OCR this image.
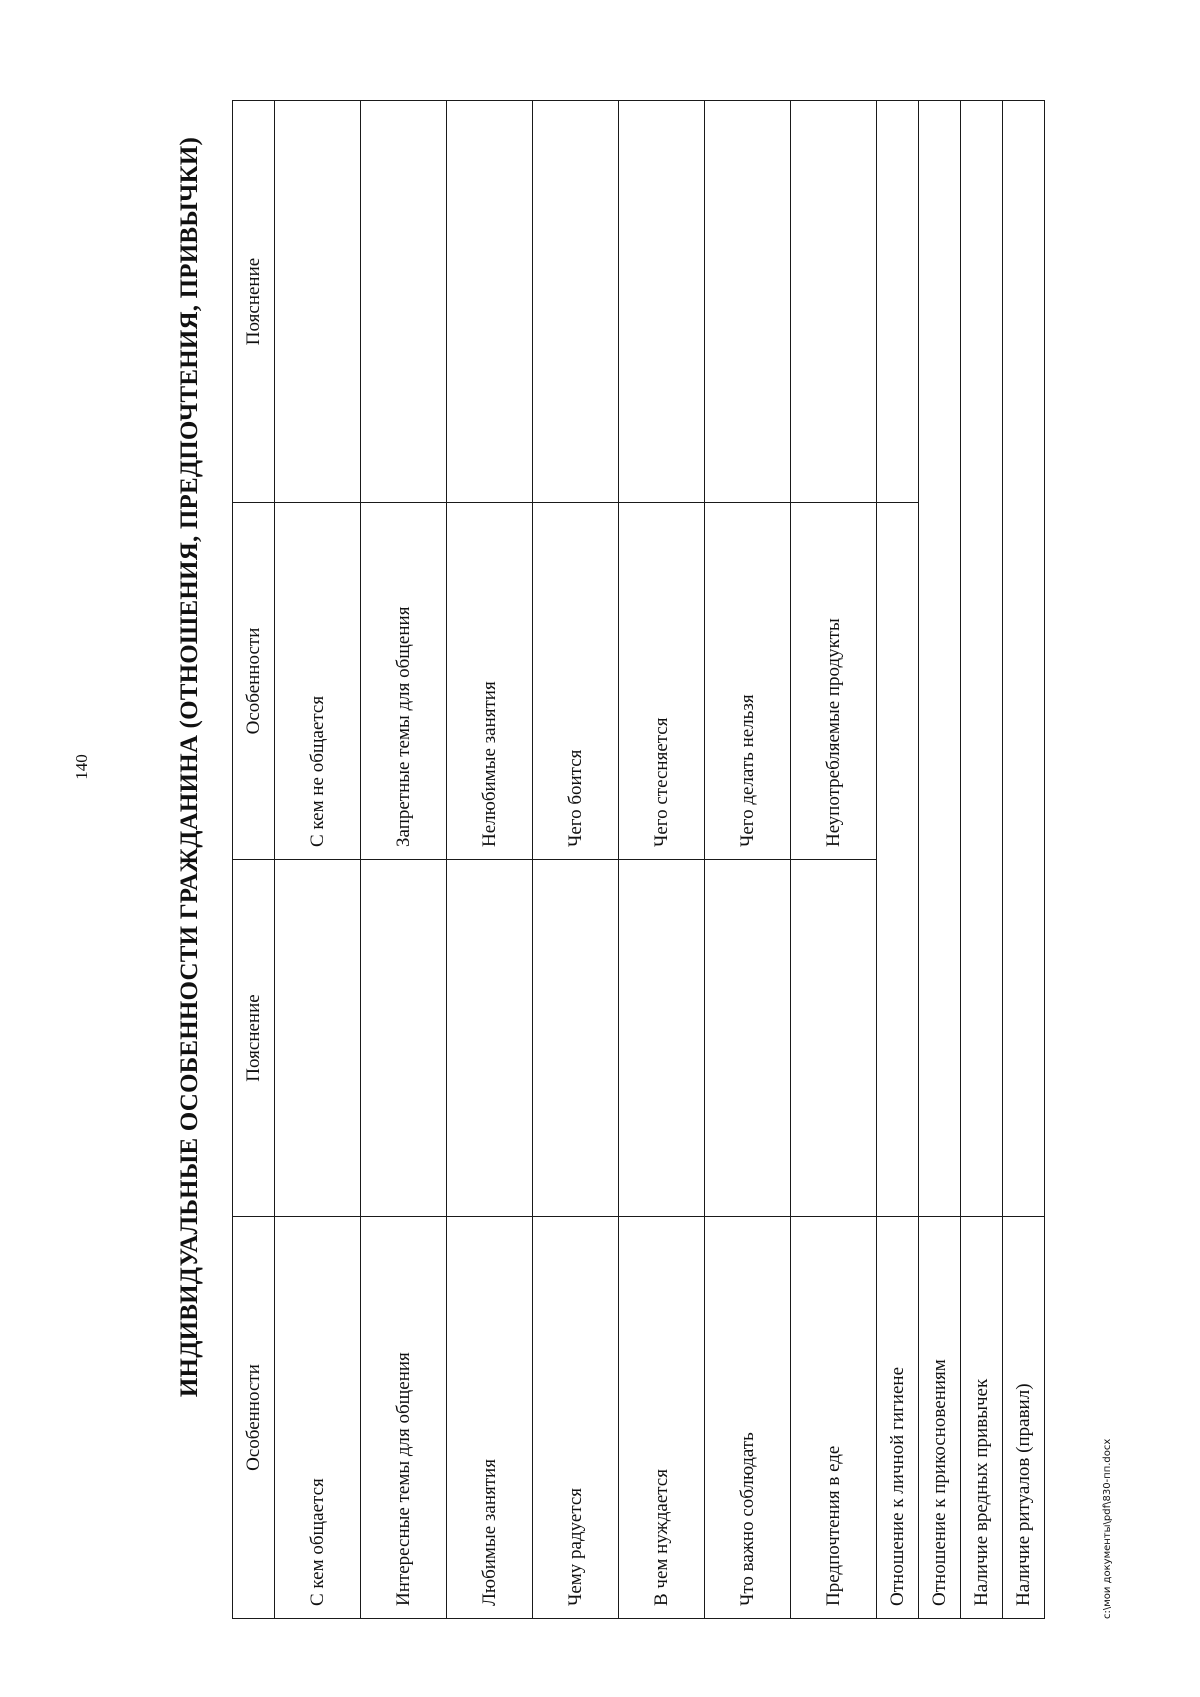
140	ИНДИВИДУАЛЬНЫЕ ОСОБЕННОСТИ ГРАЖДАНИНА (ОТНОШЕНИЯ, ПРЕДПОЧТЕНИЯ, ПРИВЫЧКИ)
Особенности	Пояснение	Особенности	Пояснение
С кем общается		С кем не общается	
Интересные темы для общения		Запретные темы для общения	
Любимые занятия		Нелюбимые занятия	
Чему радуется		Чего боится	
В чем нуждается		Чего стесняется	
Что важно соблюдать		Чего делать нельзя	
Предпочтения в еде		Неупотребляемые продукты	
Отношение к личной гигиене			
Отношение к прикосновениям			
Наличие вредных привычек			
Наличие ритуалов (правил)				c:\мои документы\pdf\830-пп.docx
